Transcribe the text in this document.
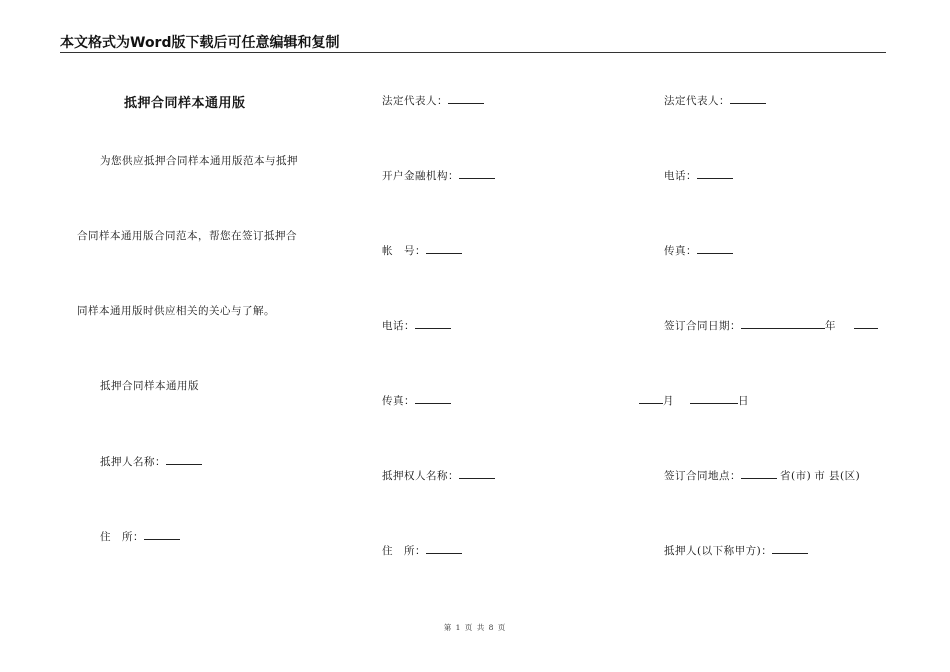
本文格式为Word版下载后可任意编辑和复制
抵押合同样本通用版
为您供应抵押合同样本通用版范本与抵押
合同样本通用版合同范本，帮您在签订抵押合
同样本通用版时供应相关的关心与了解。
抵押合同样本通用版
抵押人名称：
住　所：
法定代表人：
开户金融机构：
帐　号：
电话：
传真：
抵押权人名称：
住　所：
法定代表人：
电话：
传真：
签订合同日期：	年
月	日
签订合同地点：	省(市) 市 县(区)
抵押人(以下称甲方)：
第 1 页 共 8 页
